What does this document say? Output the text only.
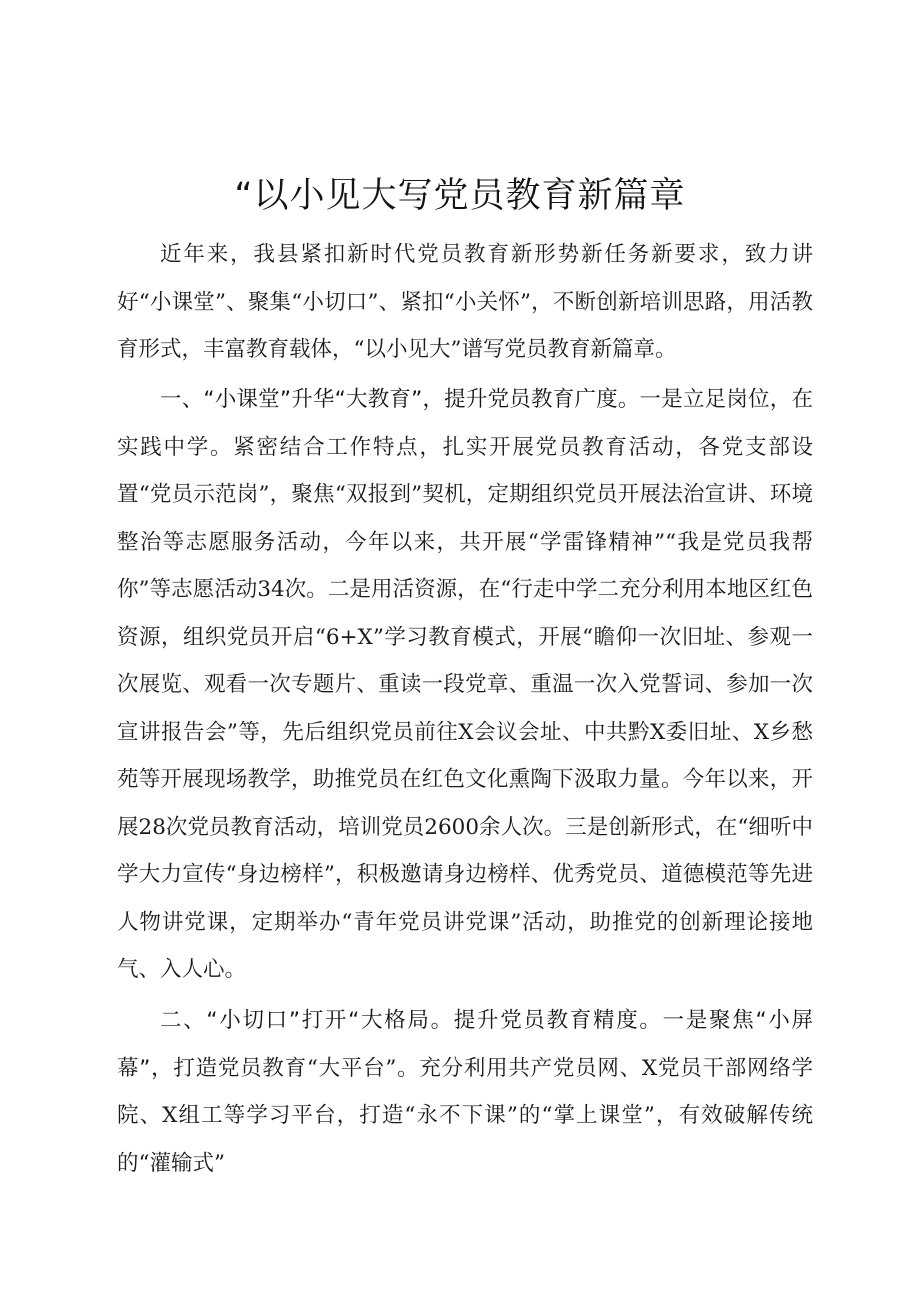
“以小见大写党员教育新篇章

近年来，我县紧扣新时代党员教育新形势新任务新要求，致力讲好“小课堂”、聚集“小切口”、紧扣“小关怀”，不断创新培训思路，用活教育形式，丰富教育载体，“以小见大”谱写党员教育新篇章。

一、“小课堂”升华“大教育”，提升党员教育广度。一是立足岗位，在实践中学。紧密结合工作特点，扎实开展党员教育活动，各党支部设置“党员示范岗”，聚焦“双报到”契机，定期组织党员开展法治宣讲、环境整治等志愿服务活动，今年以来，共开展“学雷锋精神”“我是党员我帮你”等志愿活动34次。二是用活资源，在“行走中学二充分利用本地区红色资源，组织党员开启“6+X”学习教育模式，开展“瞻仰一次旧址、参观一次展览、观看一次专题片、重读一段党章、重温一次入党誓词、参加一次宣讲报告会”等，先后组织党员前往X会议会址、中共黔X委旧址、X乡愁苑等开展现场教学，助推党员在红色文化熏陶下汲取力量。今年以来，开展28次党员教育活动，培训党员2600余人次。三是创新形式，在“细听中学大力宣传“身边榜样”，积极邀请身边榜样、优秀党员、道德模范等先进人物讲党课，定期举办“青年党员讲党课”活动，助推党的创新理论接地气、入人心。

二、“小切口”打开“大格局。提升党员教育精度。一是聚焦“小屏幕”，打造党员教育“大平台”。充分利用共产党员网、X党员干部网络学院、X组工等学习平台，打造“永不下课”的“掌上课堂”，有效破解传统的“灌输式”
